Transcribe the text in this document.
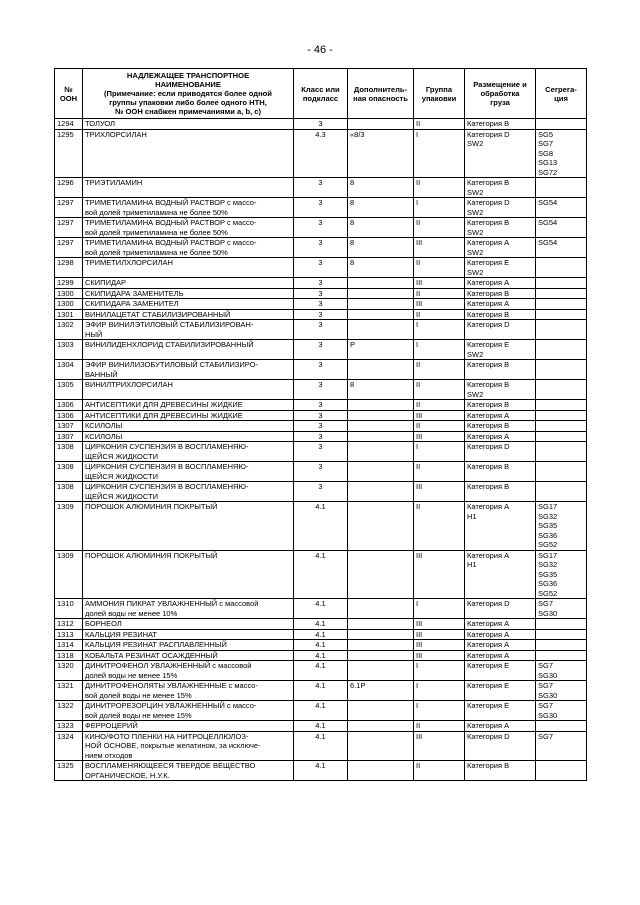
- 46 -
№
ООН	НАДЛЕЖАЩЕЕ ТРАНСПОРТНОЕ
НАИМЕНОВАНИЕ
(Примечание: если приводятся более одной
группы упаковки либо более одного НТН,
№ ООН снабжен примечаниями a, b, c)	Класс или
подкласс	Дополнитель-
ная опасность	Группа
упаковки	Размещение и
обработка
груза	Сегрега-
ция

1294	ТОЛУОЛ	3		II	Категория B	

1295	ТРИХЛОРСИЛАН	4.3	«8/3	I	Категория D
SW2	SG5
SG7
SG8
SG13
SG72

1296	ТРИЭТИЛАМИН	3	8	II	Категория B
SW2	

1297	ТРИМЕТИЛАМИНА ВОДНЫЙ РАСТВОР с массо-
вой долей триметиламина не более 50%	3	8	I	Категория D
SW2	SG54

1297	ТРИМЕТИЛАМИНА ВОДНЫЙ РАСТВОР с массо-
вой долей триметиламина не более 50%	3	8	II	Категория B
SW2	SG54

1297	ТРИМЕТИЛАМИНА ВОДНЫЙ РАСТВОР с массо-
вой долей триметиламина не более 50%	3	8	III	Категория A
SW2	SG54

1298	ТРИМЕТИЛХЛОРСИЛАН	3	8	II	Категория E
SW2	

1299	СКИПИДАР	3		III	Категория A	

1300	СКИПИДАРА ЗАМЕНИТЕЛЬ	3		II	Категория B	

1300	СКИПИДАРА ЗАМЕНИТЕЛ	3		III	Категория A	

1301	ВИНИЛАЦЕТАТ СТАБИЛИЗИРОВАННЫЙ	3		II	Категория B	

1302	ЭФИР ВИНИЛЭТИЛОВЫЙ СТАБИЛИЗИРОВАН-
НЫЙ	3		I	Категория D	

1303	ВИНИЛИДЕНХЛОРИД СТАБИЛИЗИРОВАННЫЙ	3	P	I	Категория E
SW2	

1304	ЭФИР ВИНИЛИЗОБУТИЛОВЫЙ СТАБИЛИЗИРО-
ВАННЫЙ	3		II	Категория B	

1305	ВИНИЛТРИХЛОРСИЛАН	3	8	II	Категория B
SW2	

1306	АНТИСЕПТИКИ ДЛЯ ДРЕВЕСИНЫ ЖИДКИЕ	3		II	Категория B	

1306	АНТИСЕПТИКИ ДЛЯ ДРЕВЕСИНЫ ЖИДКИЕ	3		III	Категория A	

1307	КСИЛОЛЫ	3		II	Категория B	

1307	КСИЛОЛЫ	3		III	Категория A	

1308	ЦИРКОНИЯ СУСПЕНЗИЯ В ВОСПЛАМЕНЯЮ-
ЩЕЙСЯ ЖИДКОСТИ	3		I	Категория D	

1308	ЦИРКОНИЯ СУСПЕНЗИЯ В ВОСПЛАМЕНЯЮ-
ЩЕЙСЯ ЖИДКОСТИ	3		II	Категория B	

1308	ЦИРКОНИЯ СУСПЕНЗИЯ В ВОСПЛАМЕНЯЮ-
ЩЕЙСЯ ЖИДКОСТИ	3		III	Категория B	

1309	ПОРОШОК АЛЮМИНИЯ ПОКРЫТЫЙ	4.1		II	Категория A
H1	SG17
SG32
SG35
SG36
SG52

1309	ПОРОШОК АЛЮМИНИЯ ПОКРЫТЫЙ	4.1		III	Категория A
H1	SG17
SG32
SG35
SG36
SG52

1310	АММОНИЯ ПИКРАТ УВЛАЖНЕННЫЙ с массовой
долей воды не менее 10%	4.1		I	Категория D	SG7
SG30

1312	БОРНЕОЛ	4.1		III	Категория A	

1313	КАЛЬЦИЯ РЕЗИНАТ	4.1		III	Категория A	

1314	КАЛЬЦИЯ РЕЗИНАТ РАСПЛАВЛЕННЫЙ	4.1		III	Категория A	

1318	КОБАЛЬТА РЕЗИНАТ ОСАЖДЕННЫЙ	4.1		III	Категория A	

1320	ДИНИТРОФЕНОЛ УВЛАЖНЕННЫЙ с массовой
долей воды не менее 15%	4.1		I	Категория E	SG7
SG30

1321	ДИНИТРОФЕНОЛЯТЫ УВЛАЖНЕННЫЕ с массо-
вой долей воды не менее 15%	4.1	6.1P	I	Категория E	SG7
SG30

1322	ДИНИТРОРЕЗОРЦИН УВЛАЖНЕННЫЙ с массо-
вой долей воды не менее 15%	4.1		I	Категория E	SG7
SG30

1323	ФЕРРОЦЕРИЙ	4.1		II	Категория A	

1324	КИНО/ФОТО ПЛЕНКИ НА НИТРОЦЕЛЛЮЛОЗ-
НОЙ ОСНОВЕ, покрытые желатином, за исключе-
нием отходов	4.1		III	Категория D	SG7

1325	ВОСПЛАМЕНЯЮЩЕЕСЯ ТВЕРДОЕ ВЕЩЕСТВО
ОРГАНИЧЕСКОЕ, Н.У.К.	4.1		II	Категория B	
